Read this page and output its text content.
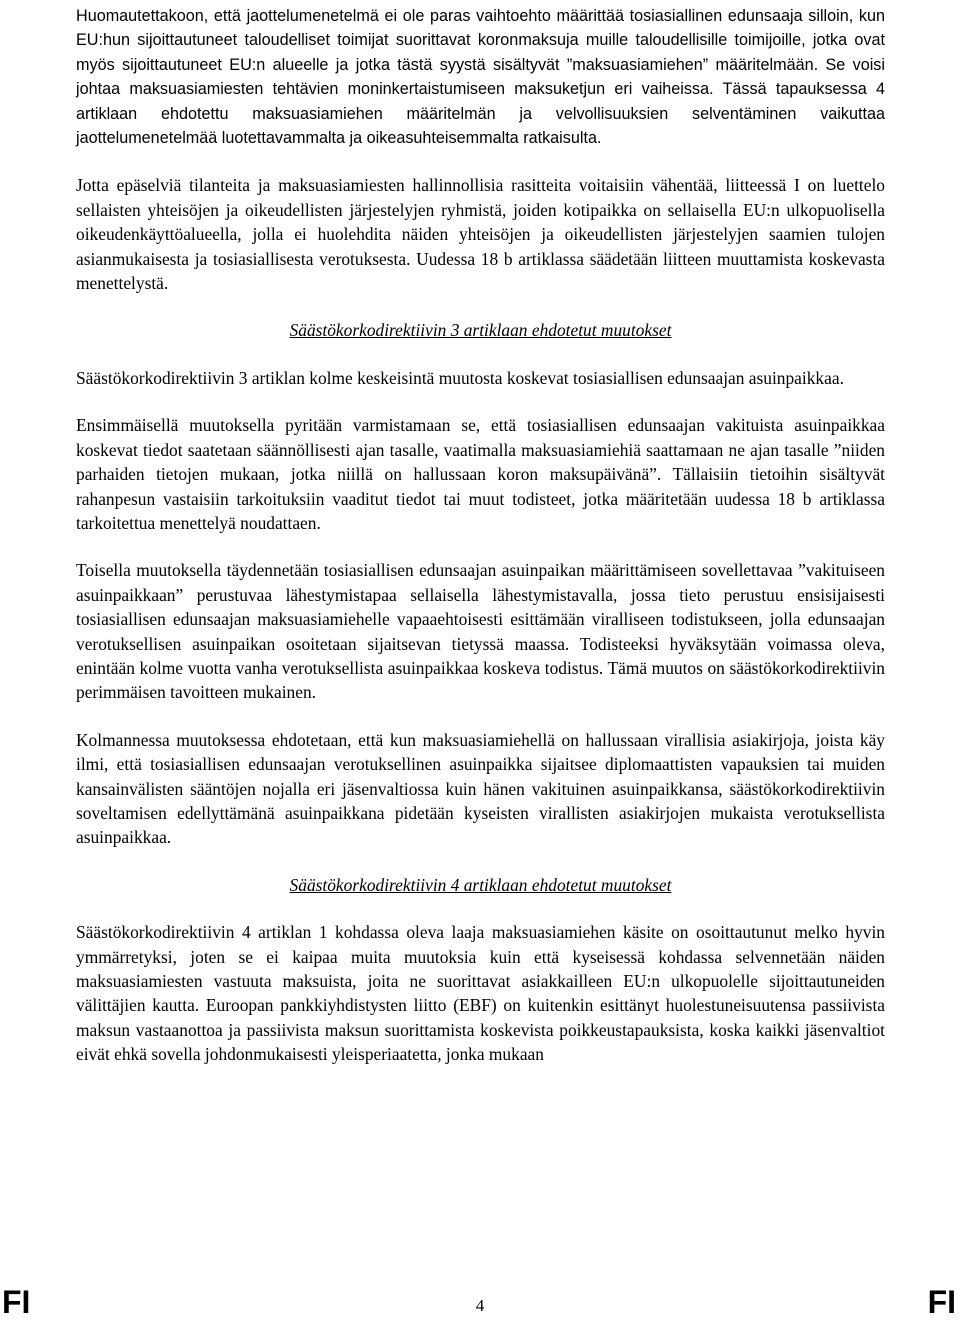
Huomautettakoon, että jaottelumenetelmä ei ole paras vaihtoehto määrittää tosiasiallinen edunsaaja silloin, kun EU:hun sijoittautuneet taloudelliset toimijat suorittavat koronmaksuja muille taloudellisille toimijoille, jotka ovat myös sijoittautuneet EU:n alueelle ja jotka tästä syystä sisältyvät ”maksuasiamiehen” määritelmään. Se voisi johtaa maksuasiamiesten tehtävien moninkertaistumiseen maksuketjun eri vaiheissa. Tässä tapauksessa 4 artiklaan ehdotettu maksuasiamiehen määritelmän ja velvollisuuksien selventäminen vaikuttaa jaottelumenetelmää luotettavammalta ja oikeasuhteisemmalta ratkaisulta.

Jotta epäselviä tilanteita ja maksuasiamiesten hallinnollisia rasitteita voitaisiin vähentää, liitteessä I on luettelo sellaisten yhteisöjen ja oikeudellisten järjestelyjen ryhmistä, joiden kotipaikka on sellaisella EU:n ulkopuolisella oikeudenkäyttöalueella, jolla ei huolehdita näiden yhteisöjen ja oikeudellisten järjestelyjen saamien tulojen asianmukaisesta ja tosiasiallisesta verotuksesta. Uudessa 18 b artiklassa säädetään liitteen muuttamista koskevasta menettelystä.

Säästökorkodirektiivin 3 artiklaan ehdotetut muutokset

Säästökorkodirektiivin 3 artiklan kolme keskeisintä muutosta koskevat tosiasiallisen edunsaajan asuinpaikkaa.

Ensimmäisellä muutoksella pyritään varmistamaan se, että tosiasiallisen edunsaajan vakituista asuinpaikkaa koskevat tiedot saatetaan säännöllisesti ajan tasalle, vaatimalla maksuasiamiehiä saattamaan ne ajan tasalle ”niiden parhaiden tietojen mukaan, jotka niillä on hallussaan koron maksupäivänä”. Tällaisiin tietoihin sisältyvät rahanpesun vastaisiin tarkoituksiin vaaditut tiedot tai muut todisteet, jotka määritetään uudessa 18 b artiklassa tarkoitettua menettelyä noudattaen.

Toisella muutoksella täydennetään tosiasiallisen edunsaajan asuinpaikan määrittämiseen sovellettavaa ”vakituiseen asuinpaikkaan” perustuvaa lähestymistapaa sellaisella lähestymistavalla, jossa tieto perustuu ensisijaisesti tosiasiallisen edunsaajan maksuasiamiehelle vapaaehtoisesti esittämään viralliseen todistukseen, jolla edunsaajan verotuksellisen asuinpaikan osoitetaan sijaitsevan tietyssä maassa. Todisteeksi hyväksytään voimassa oleva, enintään kolme vuotta vanha verotuksellista asuinpaikkaa koskeva todistus. Tämä muutos on säästökorkodirektiivin perimmäisen tavoitteen mukainen.

Kolmannessa muutoksessa ehdotetaan, että kun maksuasiamiehellä on hallussaan virallisia asiakirjoja, joista käy ilmi, että tosiasiallisen edunsaajan verotuksellinen asuinpaikka sijaitsee diplomaattisten vapauksien tai muiden kansainvälisten sääntöjen nojalla eri jäsenvaltiossa kuin hänen vakituinen asuinpaikkansa, säästökorkodirektiivin soveltamisen edellyttämänä asuinpaikkana pidetään kyseisten virallisten asiakirjojen mukaista verotuksellista asuinpaikkaa.

Säästökorkodirektiivin 4 artiklaan ehdotetut muutokset

Säästökorkodirektiivin 4 artiklan 1 kohdassa oleva laaja maksuasiamiehen käsite on osoittautunut melko hyvin ymmärretyksi, joten se ei kaipaa muita muutoksia kuin että kyseisessä kohdassa selvennetään näiden maksuasiamiesten vastuuta maksuista, joita ne suorittavat asiakkailleen EU:n ulkopuolelle sijoittautuneiden välittäjien kautta. Euroopan pankkiyhdistysten liitto (EBF) on kuitenkin esittänyt huolestuneisuutensa passiivista maksun vastaanottoa ja passiivista maksun suorittamista koskevista poikkeustapauksista, koska kaikki jäsenvaltiot eivät ehkä sovella johdonmukaisesti yleisperiaatetta, jonka mukaan

FI	4	FI
